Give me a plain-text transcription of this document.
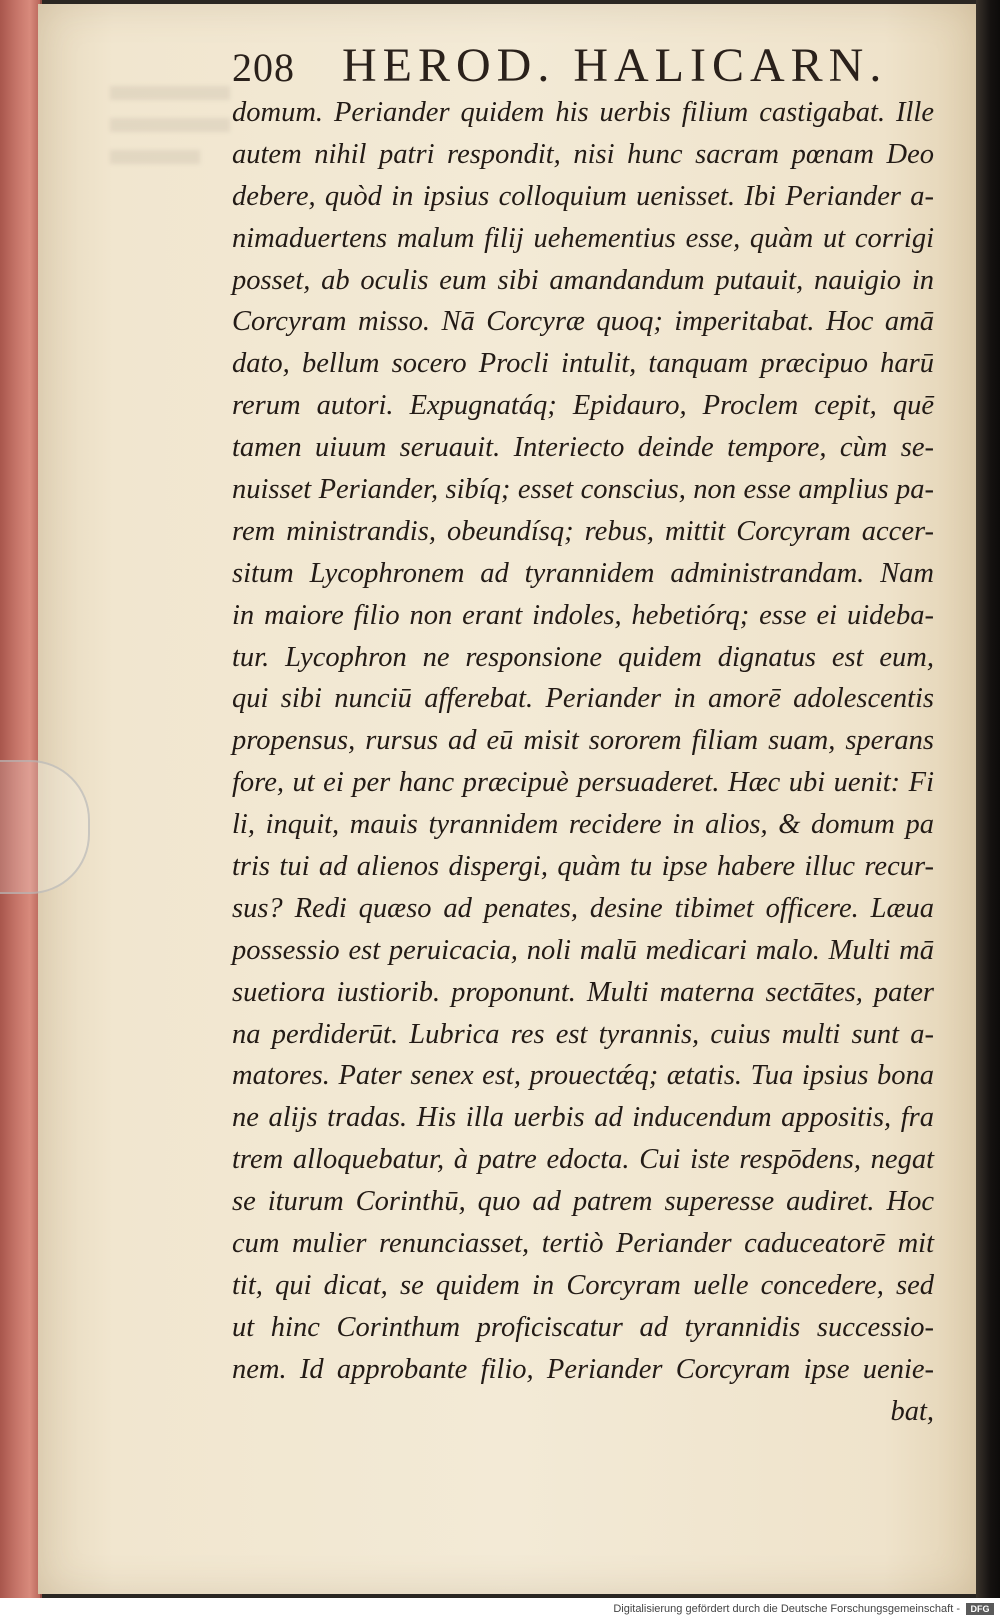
208 HEROD. HALICARN.
domum. Periander quidem his uerbis filium castigabat. Ille
autem nihil patri respondit, nisi hunc sacram pœnam Deo
debere, quòd in ipsius colloquium uenisset. Ibi Periander a-
nimaduertens malum filij uehementius esse, quàm ut corrigi
posset, ab oculis eum sibi amandandum putauit, nauigio in
Corcyram misso. Nā Corcyræ quoq; imperitabat. Hoc amā
dato, bellum socero Procli intulit, tanquam præcipuo harū
rerum autori. Expugnatáq; Epidauro, Proclem cepit, quē
tamen uiuum seruauit. Interiecto deinde tempore, cùm se-
nuisset Periander, sibíq; esset conscius, non esse amplius pa-
rem ministrandis, obeundísq; rebus, mittit Corcyram accer-
situm Lycophronem ad tyrannidem administrandam. Nam
in maiore filio non erant indoles, hebetiórq; esse ei uideba-
tur. Lycophron ne responsione quidem dignatus est eum,
qui sibi nunciū afferebat. Periander in amorē adolescentis
propensus, rursus ad eū misit sororem filiam suam, sperans
fore, ut ei per hanc præcipuè persuaderet. Hæc ubi uenit: Fi
li, inquit, mauis tyrannidem recidere in alios, & domum pa
tris tui ad alienos dispergi, quàm tu ipse habere illuc recur-
sus? Redi quæso ad penates, desine tibimet officere. Læua
possessio est peruicacia, noli malū medicari malo. Multi mā
suetiora iustiorib. proponunt. Multi materna sectātes, pater
na perdiderūt. Lubrica res est tyrannis, cuius multi sunt a-
matores. Pater senex est, prouectǽq; ætatis. Tua ipsius bona
ne alijs tradas. His illa uerbis ad inducendum appositis, fra
trem alloquebatur, à patre edocta. Cui iste respōdens, negat
se iturum Corinthū, quo ad patrem superesse audiret. Hoc
cum mulier renunciasset, tertiò Periander caduceatorē mit
tit, qui dicat, se quidem in Corcyram uelle concedere, sed
ut hinc Corinthum proficiscatur ad tyrannidis successio-
nem. Id approbante filio, Periander Corcyram ipse uenie-
bat,
Digitalisierung gefördert durch die Deutsche Forschungsgemeinschaft -	DFG
